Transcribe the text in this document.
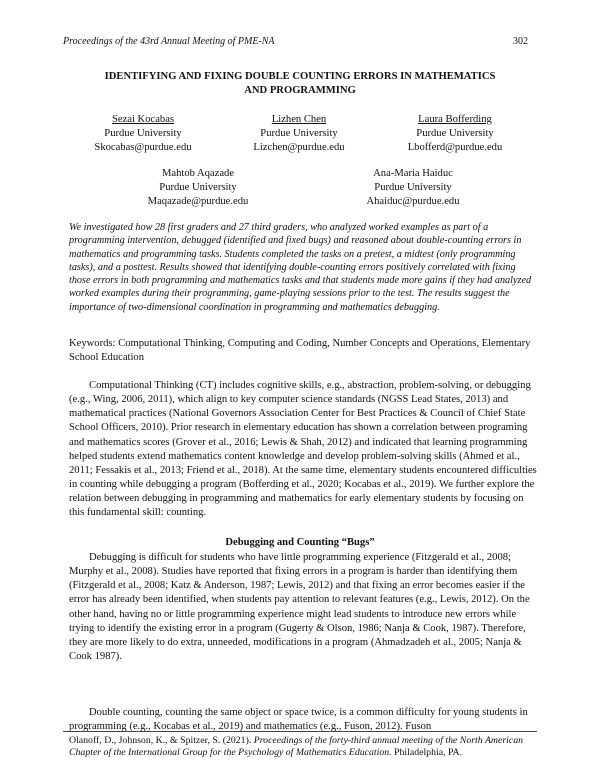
Proceedings of the 43rd Annual Meeting of PME-NA	302
IDENTIFYING AND FIXING DOUBLE COUNTING ERRORS IN MATHEMATICS
AND PROGRAMMING
Sezai Kocabas
Purdue University
Skocabas@purdue.edu
Lizhen Chen
Purdue University
Lizchen@purdue.edu
Laura Bofferding
Purdue University
Lbofferd@purdue.edu
Mahtob Aqazade
Purdue University
Maqazade@purdue.edu
Ana-Maria Haiduc
Purdue University
Ahaiduc@purdue.edu
We investigated how 28 first graders and 27 third graders, who analyzed worked examples as part of a programming intervention, debugged (identified and fixed bugs) and reasoned about double-counting errors in mathematics and programming tasks. Students completed the tasks on a pretest, a midtest (only programming tasks), and a posttest. Results showed that identifying double-counting errors positively correlated with fixing those errors in both programming and mathematics tasks and that students made more gains if they had analyzed worked examples during their programming, game-playing sessions prior to the test. The results suggest the importance of two-dimensional coordination in programming and mathematics debugging.
Keywords: Computational Thinking, Computing and Coding, Number Concepts and Operations, Elementary School Education
Computational Thinking (CT) includes cognitive skills, e.g., abstraction, problem-solving, or debugging (e.g., Wing, 2006, 2011), which align to key computer science standards (NGSS Lead States, 2013) and mathematical practices (National Governors Association Center for Best Practices & Council of Chief State School Officers, 2010). Prior research in elementary education has shown a correlation between programing and mathematics scores (Grover et al., 2016; Lewis & Shah, 2012) and indicated that learning programming helped students extend mathematics content knowledge and develop problem-solving skills (Ahmed et al., 2011; Fessakis et al., 2013; Friend et al., 2018). At the same time, elementary students encountered difficulties in counting while debugging a program (Bofferding et al., 2020; Kocabas et al., 2019). We further explore the relation between debugging in programming and mathematics for early elementary students by focusing on this fundamental skill: counting.
Debugging and Counting “Bugs”
Debugging is difficult for students who have little programming experience (Fitzgerald et al., 2008; Murphy et al., 2008). Studies have reported that fixing errors in a program is harder than identifying them (Fitzgerald et al., 2008; Katz & Anderson, 1987; Lewis, 2012) and that fixing an error becomes easier if the error has already been identified, when students pay attention to relevant features (e.g., Lewis, 2012). On the other hand, having no or little programming experience might lead students to introduce new errors while trying to identify the existing error in a program (Gugerty & Olson, 1986; Nanja & Cook, 1987). Therefore, they are more likely to do extra, unneeded, modifications in a program (Ahmadzadeh et al., 2005; Nanja & Cook 1987).
Double counting, counting the same object or space twice, is a common difficulty for young students in programming (e.g., Kocabas et al., 2019) and mathematics (e.g., Fuson, 2012). Fuson
Olanoff, D., Johnson, K., & Spitzer, S. (2021). Proceedings of the forty-third annual meeting of the North American Chapter of the International Group for the Psychology of Mathematics Education. Philadelphia, PA.
